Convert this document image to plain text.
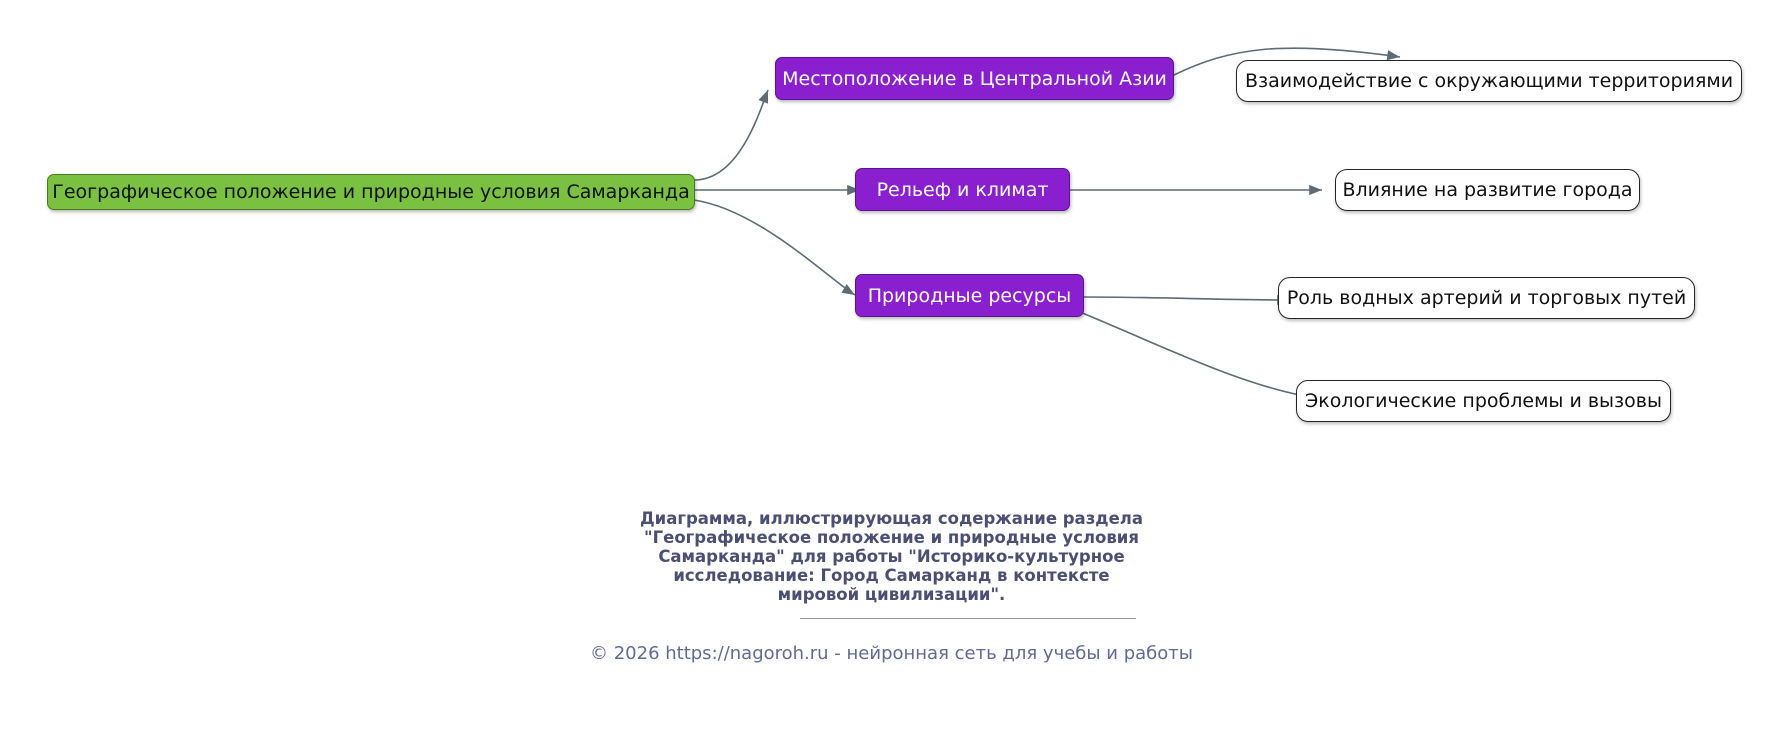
Географическое положение и природные условия Самарканда
Местоположение в Центральной Азии
Рельеф и климат
Природные ресурсы
Взаимодействие с окружающими территориями
Влияние на развитие города
Роль водных артерий и торговых путей
Экологические проблемы и вызовы
Диаграмма, иллюстрирующая содержание раздела
"Географическое положение и природные условия
Самарканда" для работы "Историко-культурное
исследование: Город Самарканд в контексте
мировой цивилизации".
© 2026 https://nagoroh.ru - нейронная сеть для учебы и работы
